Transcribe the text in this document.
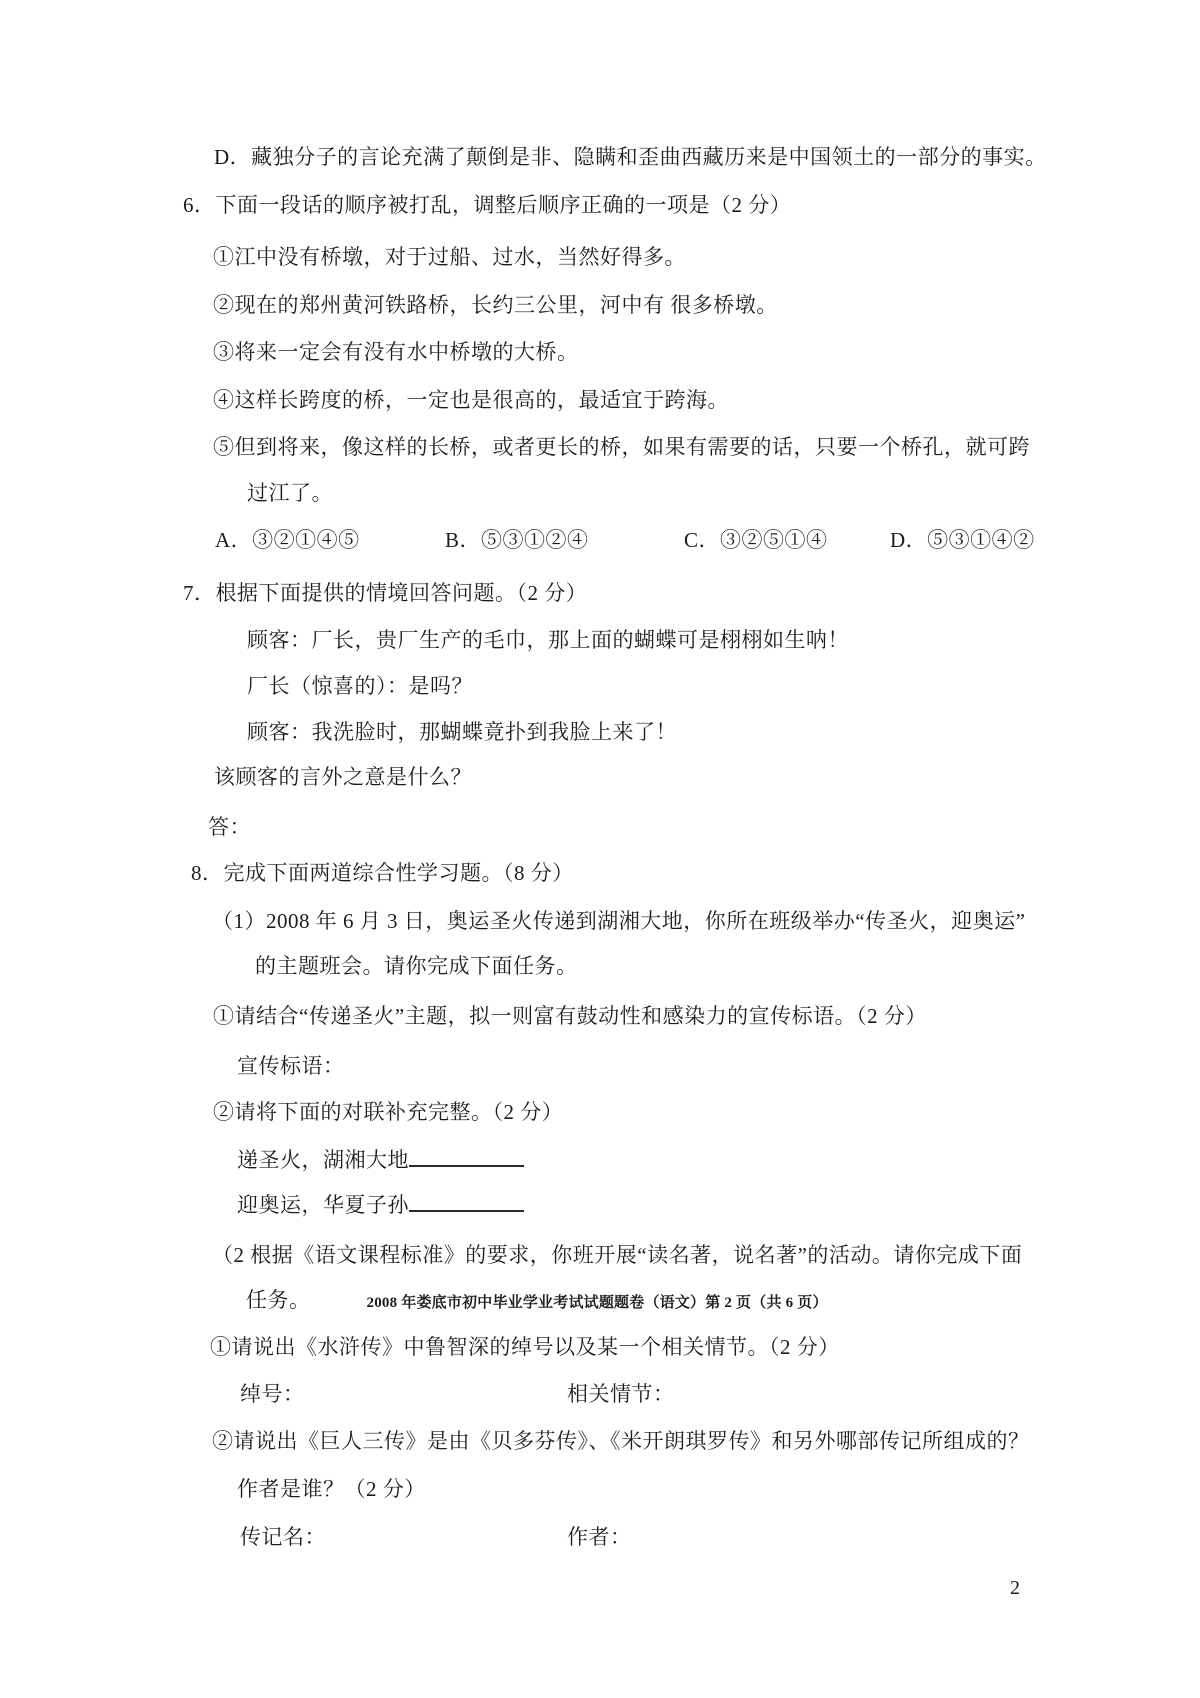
D．藏独分子的言论充满了颠倒是非、隐瞒和歪曲西藏历来是中国领土的一部分的事实。
6．下面一段话的顺序被打乱，调整后顺序正确的一项是（2 分）
①江中没有桥墩，对于过船、过水，当然好得多。
②现在的郑州黄河铁路桥，长约三公里，河中有 很多桥墩。
③将来一定会有没有水中桥墩的大桥。
④这样长跨度的桥，一定也是很高的，最适宜于跨海。
⑤但到将来，像这样的长桥，或者更长的桥，如果有需要的话，只要一个桥孔，就可跨
过江了。
A．③②①④⑤	B．⑤③①②④	C．③②⑤①④	D．⑤③①④②
7．根据下面提供的情境回答问题。（2 分）
顾客：厂长，贵厂生产的毛巾，那上面的蝴蝶可是栩栩如生呐！
厂长（惊喜的）：是吗？
顾客：我洗脸时，那蝴蝶竟扑到我脸上来了！
该顾客的言外之意是什么？
答：
8．完成下面两道综合性学习题。（8 分）
（1）2008 年 6 月 3 日，奥运圣火传递到湖湘大地，你所在班级举办“传圣火，迎奥运”
的主题班会。请你完成下面任务。
①请结合“传递圣火”主题，拟一则富有鼓动性和感染力的宣传标语。（2 分）
宣传标语：
②请将下面的对联补充完整。（2 分）
递圣火，湖湘大地
迎奥运，华夏子孙
（2 根据《语文课程标准》的要求，你班开展“读名著，说名著”的活动。请你完成下面
任务。	2008 年娄底市初中毕业学业考试试题题卷（语文）第 2 页（共 6 页）
①请说出《水浒传》中鲁智深的绰号以及某一个相关情节。（2 分）
绰号：	相关情节：
②请说出《巨人三传》是由《贝多芬传》、《米开朗琪罗传》和另外哪部传记所组成的？
作者是谁？（2 分）
传记名：	作者：
2
